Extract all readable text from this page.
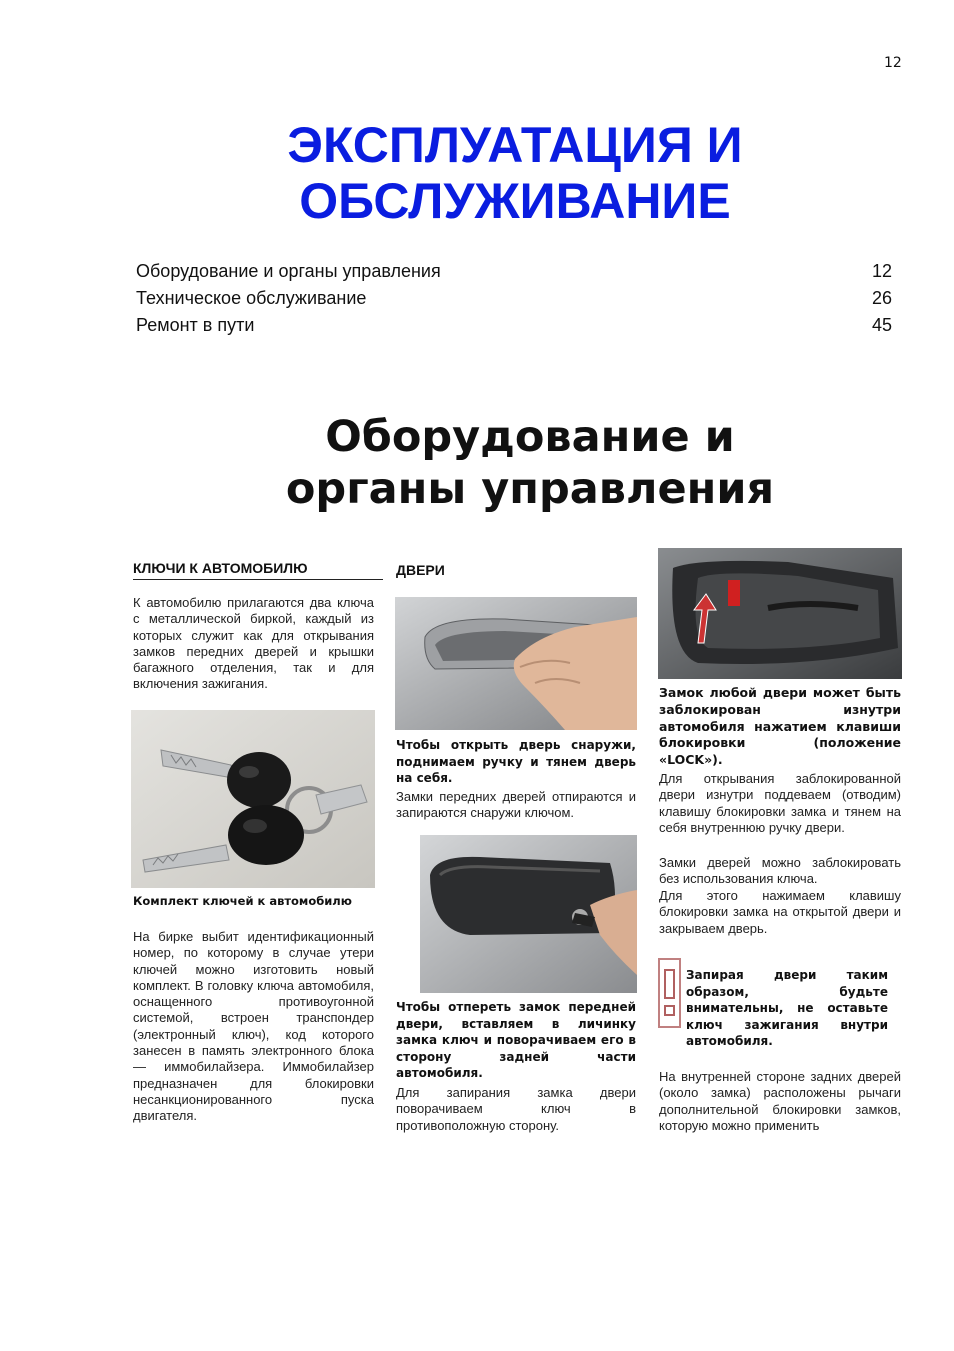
12
ЭКСПЛУАТАЦИЯ И ОБСЛУЖИВАНИЕ
Оборудование и органы управления	12
Техническое обслуживание	26
Ремонт в пути	45
Оборудование и органы управления
КЛЮЧИ К АВТОМОБИЛЮ
К автомобилю прилагаются два ключа с металлической биркой, каждый из которых служит как для открывания замков передних дверей и крышки багажного отделения, так и для включения зажигания.
Комплект ключей к автомобилю
На бирке выбит идентификационный номер, по которому в случае утери ключей можно изготовить новый комплект. В головку ключа автомобиля, оснащенного противоугонной системой, встроен транспондер (электронный ключ), код которого занесен в память электронного блока — иммобилайзера. Иммобилайзер предназначен для блокировки несанкционированного пуска двигателя.
ДВЕРИ
Чтобы открыть дверь снаружи, поднимаем ручку и тянем дверь на себя.
Замки передних дверей отпираются и запираются снаружи ключом.
Чтобы отпереть замок передней двери, вставляем в личинку замка ключ и поворачиваем его в сторону задней части автомобиля.
Для запирания замка двери поворачиваем ключ в противоположную сторону.
Замок любой двери может быть заблокирован изнутри автомобиля нажатием клавиши блокировки (положение «LOCK»).
Для открывания заблокированной двери изнутри поддеваем (отводим) клавишу блокировки замка и тянем на себя внутреннюю ручку двери.
Замки дверей можно заблокировать без использования ключа.
Для этого нажимаем клавишу блокировки замка на открытой двери и закрываем дверь.
Запирая двери таким образом, будьте внимательны, не оставьте ключ зажигания внутри автомобиля.
На внутренней стороне задних дверей (около замка) расположены рычаги дополнительной блокировки замков, которую можно применить
